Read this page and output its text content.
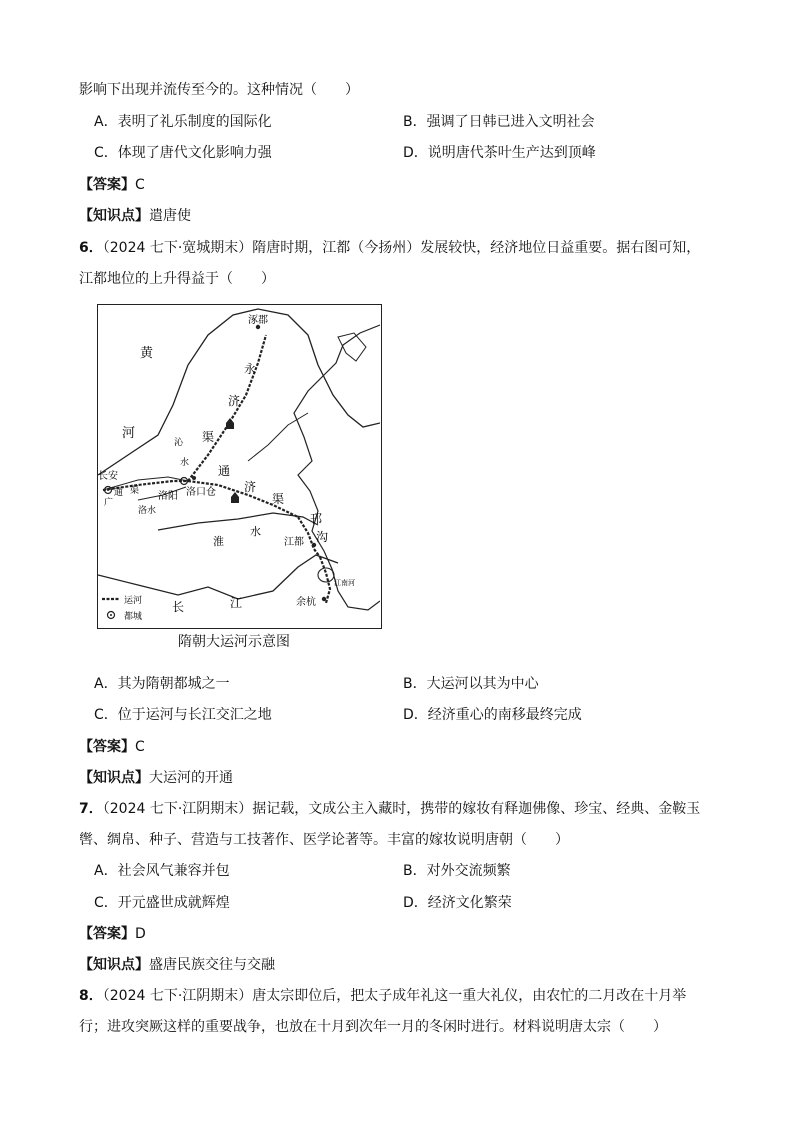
影响下出现并流传至今的。这种情况（　　）
A．表明了礼乐制度的国际化	B．强调了日韩已进入文明社会
C．体现了唐代文化影响力强	D．说明唐代茶叶生产达到顶峰
【答案】C
【知识点】遣唐使
6．（2024 七下·宽城期末）隋唐时期，江都（今扬州）发展较快，经济地位日益重要。据右图可知，
江都地位的上升得益于（　　）
涿郡
黄
河
永
济
渠
沁
水
长安
广
通 渠 洛阳
洛水
洛口仓
通
济
渠
淮
水
邗
沟
江都
江南河
长	江	余杭
运河
都城
隋朝大运河示意图
A．其为隋朝都城之一	B．大运河以其为中心
C．位于运河与长江交汇之地	D．经济重心的南移最终完成
【答案】C
【知识点】大运河的开通
7．（2024 七下·江阴期末）据记载，文成公主入藏时，携带的嫁妆有释迦佛像、珍宝、经典、金鞍玉
辔、绸帛、种子、营造与工技著作、医学论著等。丰富的嫁妆说明唐朝（　　）
A．社会风气兼容并包	B．对外交流频繁
C．开元盛世成就辉煌	D．经济文化繁荣
【答案】D
【知识点】盛唐民族交往与交融
8．（2024 七下·江阴期末）唐太宗即位后，把太子成年礼这一重大礼仪，由农忙的二月改在十月举
行；进攻突厥这样的重要战争，也放在十月到次年一月的冬闲时进行。材料说明唐太宗（　　）
